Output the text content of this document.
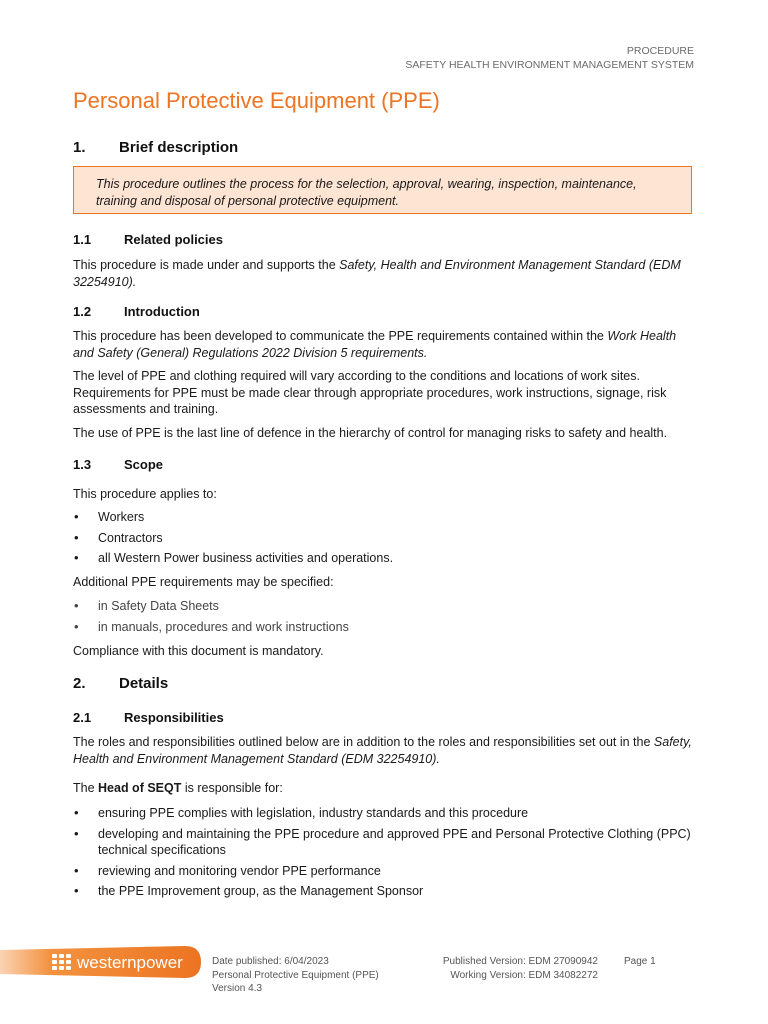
PROCEDURE
SAFETY HEALTH ENVIRONMENT MANAGEMENT SYSTEM
Personal Protective Equipment (PPE)
1. Brief description
This procedure outlines the process for the selection, approval, wearing, inspection, maintenance, training and disposal of personal protective equipment.
1.1	Related policies
This procedure is made under and supports the Safety, Health and Environment Management Standard (EDM 32254910).
1.2	Introduction
This procedure has been developed to communicate the PPE requirements contained within the Work Health and Safety (General) Regulations 2022 Division 5 requirements.
The level of PPE and clothing required will vary according to the conditions and locations of work sites. Requirements for PPE must be made clear through appropriate procedures, work instructions, signage, risk assessments and training.
The use of PPE is the last line of defence in the hierarchy of control for managing risks to safety and health.
1.3	Scope
This procedure applies to:
• Workers
• Contractors
• all Western Power business activities and operations.
Additional PPE requirements may be specified:
• in Safety Data Sheets
• in manuals, procedures and work instructions
Compliance with this document is mandatory.
2. Details
2.1	Responsibilities
The roles and responsibilities outlined below are in addition to the roles and responsibilities set out in the Safety, Health and Environment Management Standard (EDM 32254910).
The Head of SEQT is responsible for:
• ensuring PPE complies with legislation, industry standards and this procedure
• developing and maintaining the PPE procedure and approved PPE and Personal Protective Clothing (PPC) technical specifications
• reviewing and monitoring vendor PPE performance
• the PPE Improvement group, as the Management Sponsor
westernpower	Date published: 6/04/2023
Personal Protective Equipment (PPE)
Version 4.3
Published Version: EDM 27090942
Working Version: EDM 34082272
Page 1
